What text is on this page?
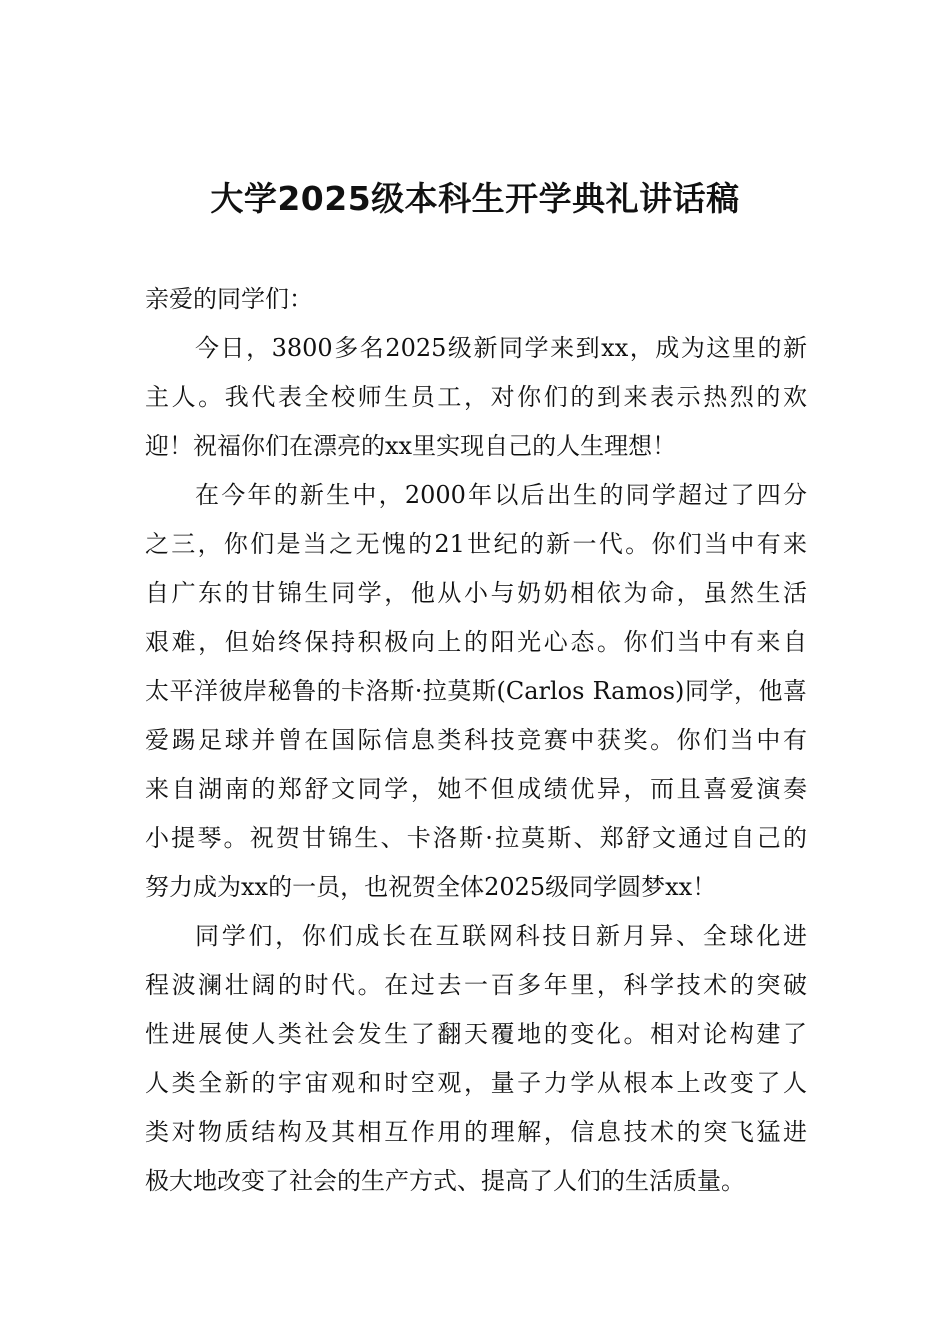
大学2025级本科生开学典礼讲话稿

亲爱的同学们：

今日，3800多名2025级新同学来到xx，成为这里的新
主人。我代表全校师生员工，对你们的到来表示热烈的欢
迎！祝福你们在漂亮的xx里实现自己的人生理想！

在今年的新生中，2000年以后出生的同学超过了四分
之三，你们是当之无愧的21世纪的新一代。你们当中有来
自广东的甘锦生同学，他从小与奶奶相依为命，虽然生活
艰难，但始终保持积极向上的阳光心态。你们当中有来自
太平洋彼岸秘鲁的卡洛斯·拉莫斯(Carlos Ramos)同学，他喜
爱踢足球并曾在国际信息类科技竞赛中获奖。你们当中有
来自湖南的郑舒文同学，她不但成绩优异，而且喜爱演奏
小提琴。祝贺甘锦生、卡洛斯·拉莫斯、郑舒文通过自己的
努力成为xx的一员，也祝贺全体2025级同学圆梦xx！

同学们，你们成长在互联网科技日新月异、全球化进
程波澜壮阔的时代。在过去一百多年里，科学技术的突破
性进展使人类社会发生了翻天覆地的变化。相对论构建了
人类全新的宇宙观和时空观，量子力学从根本上改变了人
类对物质结构及其相互作用的理解，信息技术的突飞猛进
极大地改变了社会的生产方式、提高了人们的生活质量。
